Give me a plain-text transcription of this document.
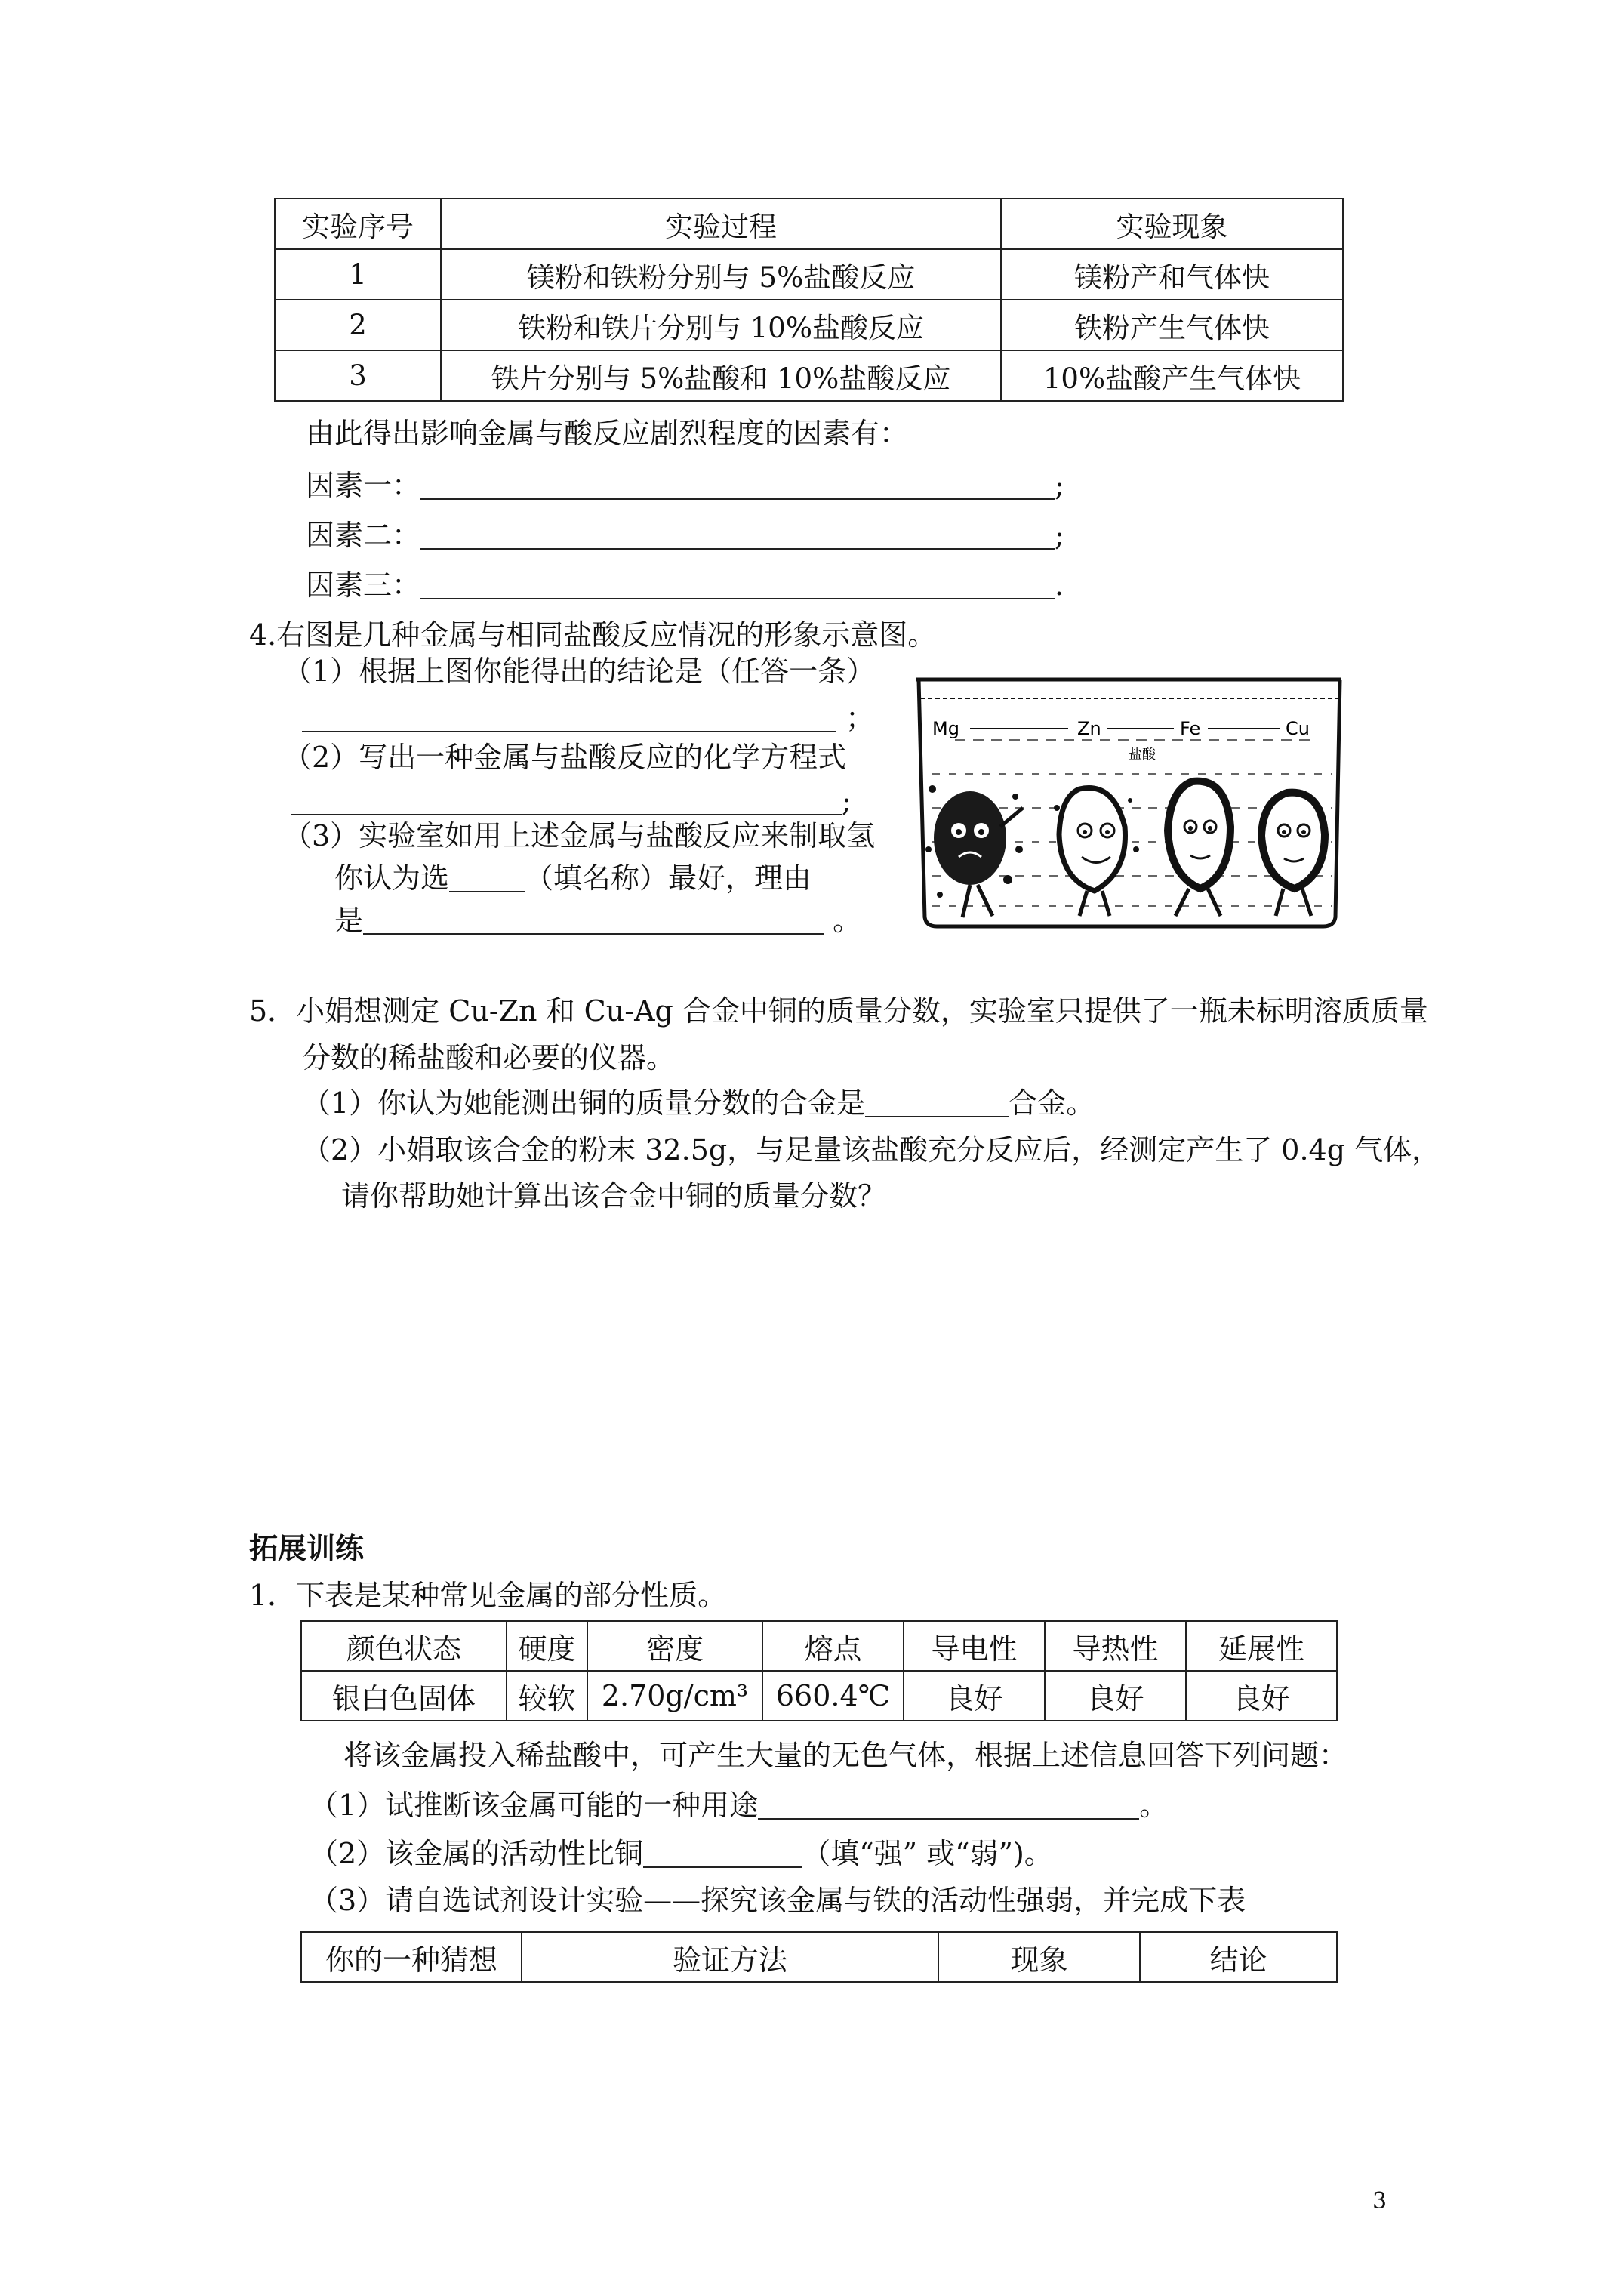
实验序号	实验过程	实验现象
1	镁粉和铁粉分别与 5%盐酸反应	镁粉产和气体快
2	铁粉和铁片分别与 10%盐酸反应	铁粉产生气体快
3	铁片分别与 5%盐酸和 10%盐酸反应	10%盐酸产生气体快
由此得出影响金属与酸反应剧烈程度的因素有：
因素一：	;
因素二：	;
因素三：	.
4.右图是几种金属与相同盐酸反应情况的形象示意图。
（1）根据上图你能得出的结论是（任答一条）
；
（2）写出一种金属与盐酸反应的化学方程式
;
（3）实验室如用上述金属与盐酸反应来制取氢
你认为选	（填名称）最好，理由
是	。
Mg	Zn	Fe	Cu
盐酸
5．小娟想测定 Cu-Zn 和 Cu-Ag 合金中铜的质量分数，实验室只提供了一瓶未标明溶质质量
分数的稀盐酸和必要的仪器。
（1）你认为她能测出铜的质量分数的合金是	合金。
（2）小娟取该合金的粉末 32.5g，与足量该盐酸充分反应后，经测定产生了 0.4g 气体，
请你帮助她计算出该合金中铜的质量分数？
拓展训练
1．下表是某种常见金属的部分性质。
颜色状态	硬度	密度	熔点	导电性	导热性	延展性
银白色固体	较软	2.70g/cm³	660.4℃	良好	良好	良好
将该金属投入稀盐酸中，可产生大量的无色气体，根据上述信息回答下列问题：
（1）试推断该金属可能的一种用途	。
（2）该金属的活动性比铜	（填“强” 或“弱”)。
（3）请自选试剂设计实验——探究该金属与铁的活动性强弱，并完成下表
你的一种猜想	验证方法	现象	结论
3
